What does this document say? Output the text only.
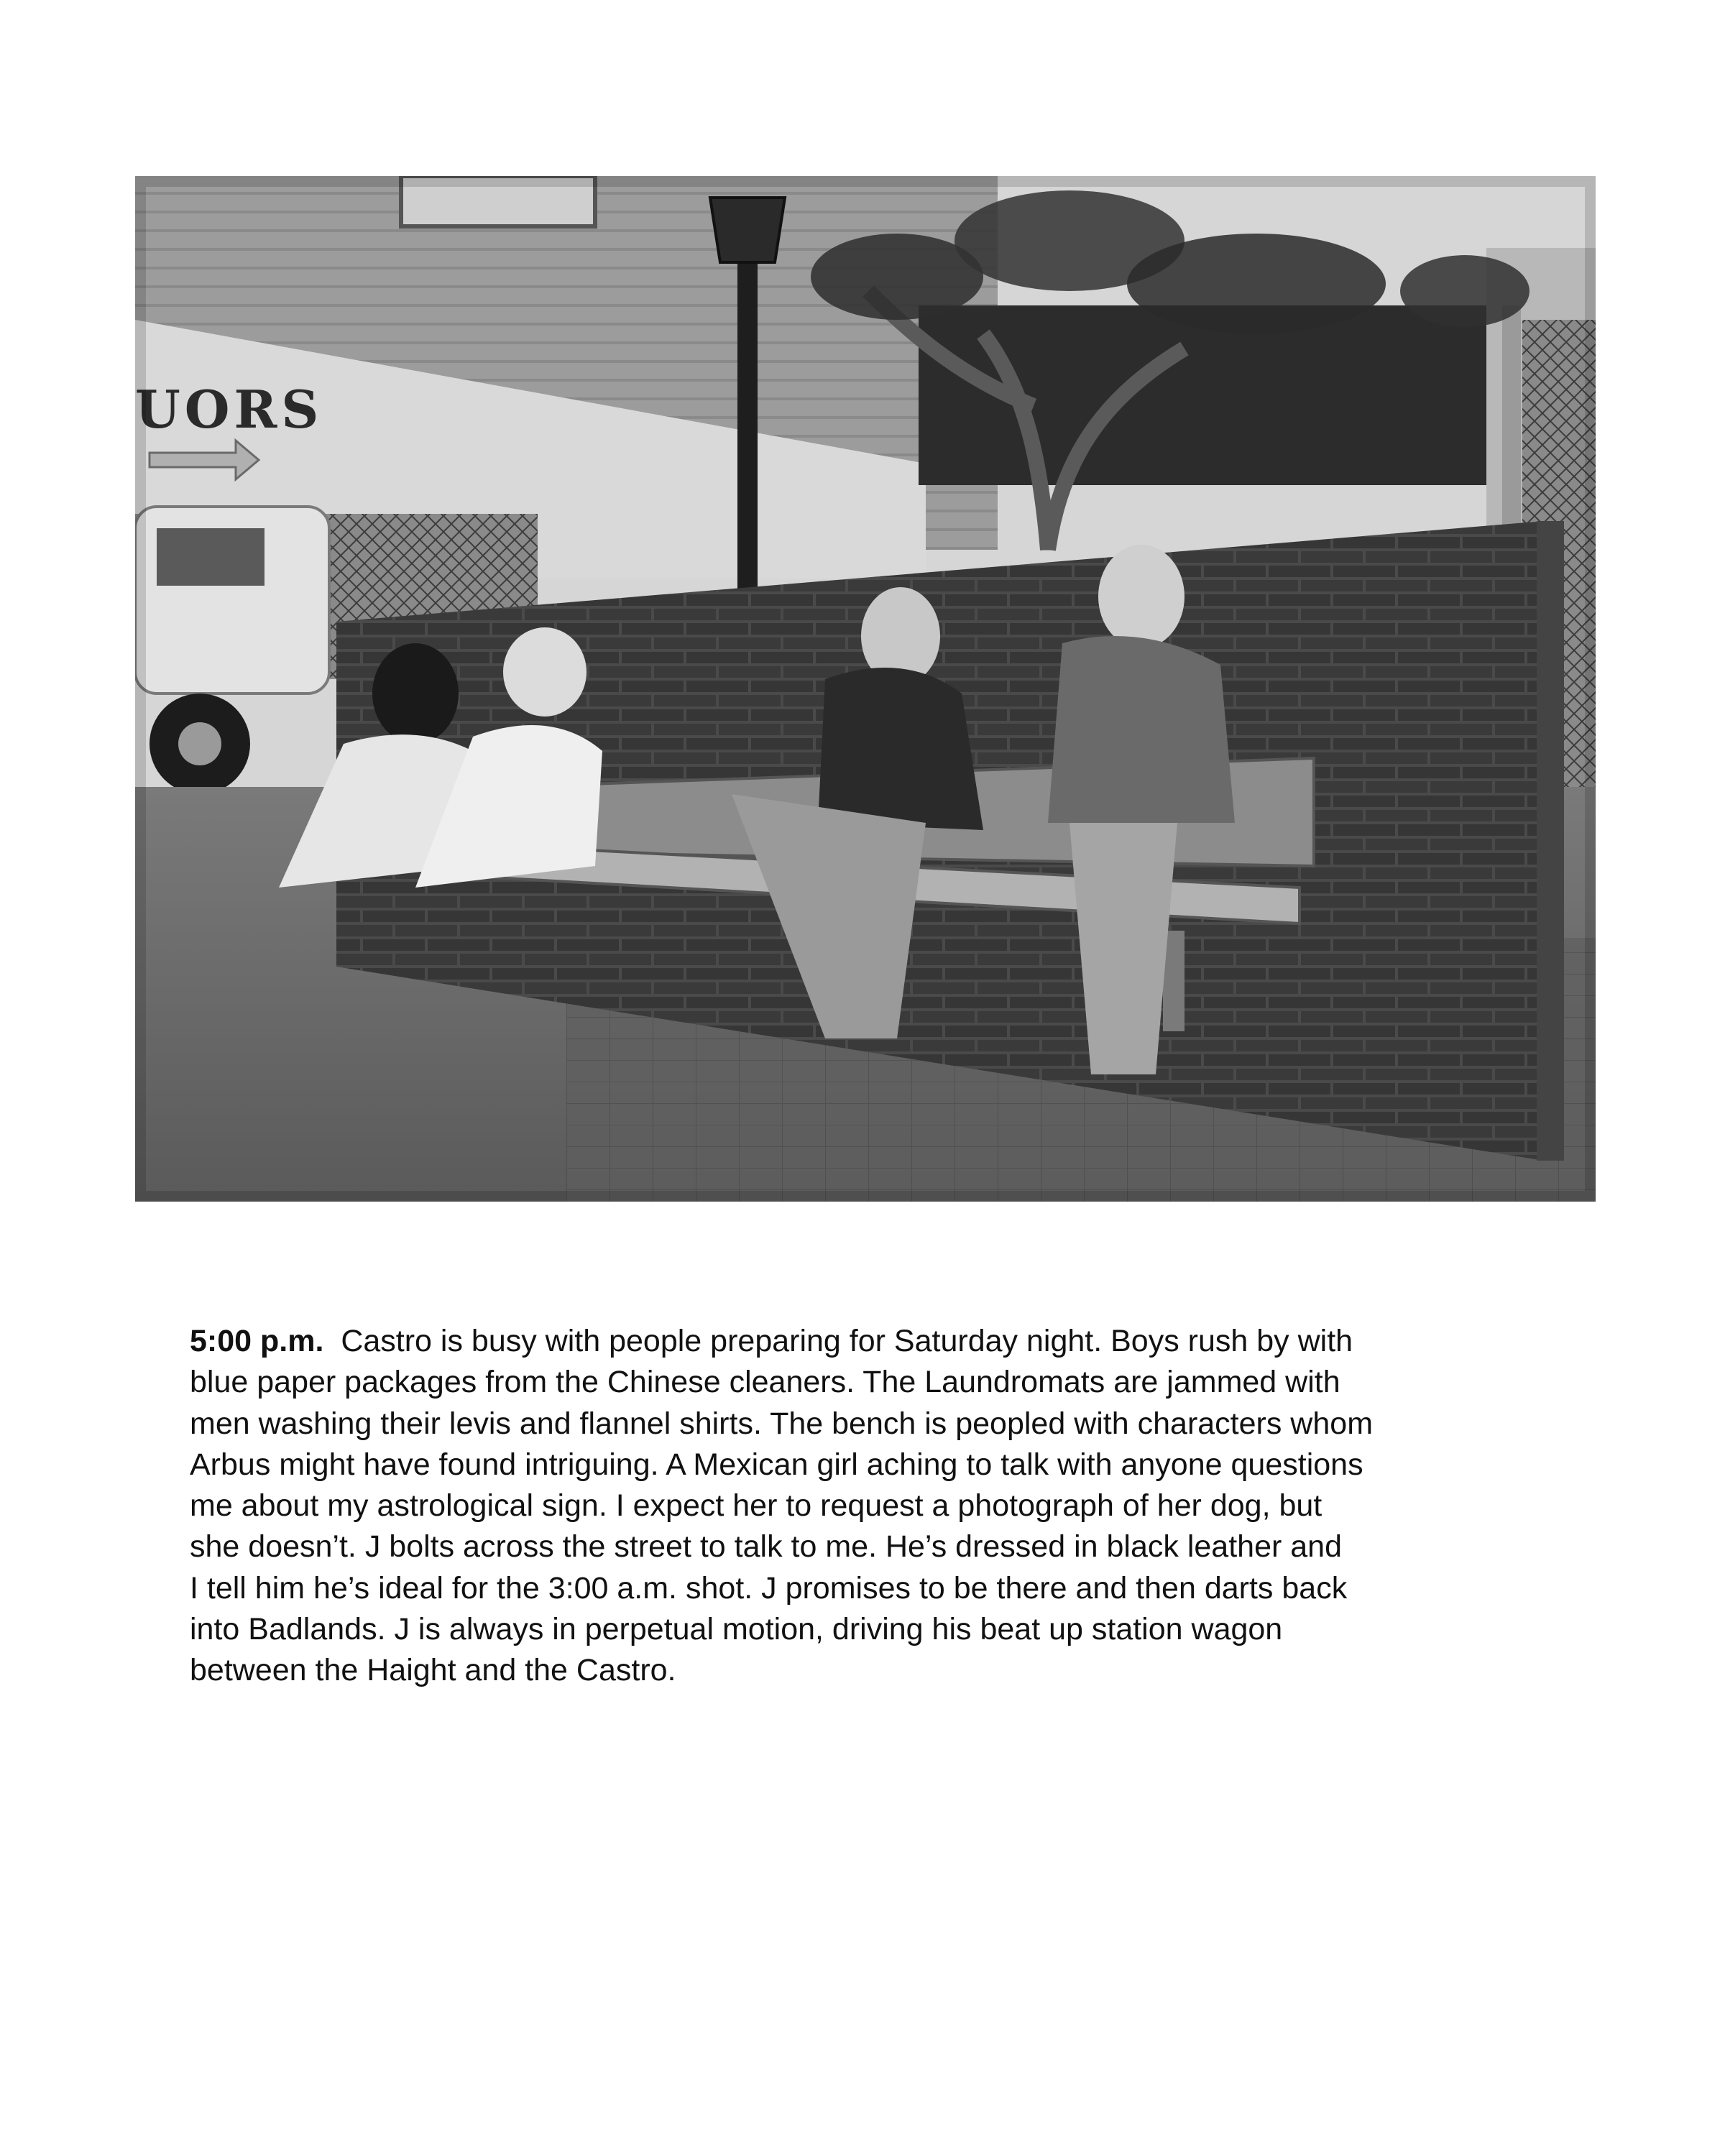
UORS
5:00 p.m. Castro is busy with people preparing for Saturday night. Boys rush by with
blue paper packages from the Chinese cleaners. The Laundromats are jammed with
men washing their levis and flannel shirts. The bench is peopled with characters whom
Arbus might have found intriguing. A Mexican girl aching to talk with anyone questions
me about my astrological sign. I expect her to request a photograph of her dog, but
she doesn’t. J bolts across the street to talk to me. He’s dressed in black leather and
I tell him he’s ideal for the 3:00 a.m. shot. J promises to be there and then darts back
into Badlands. J is always in perpetual motion, driving his beat up station wagon
between the Haight and the Castro.
